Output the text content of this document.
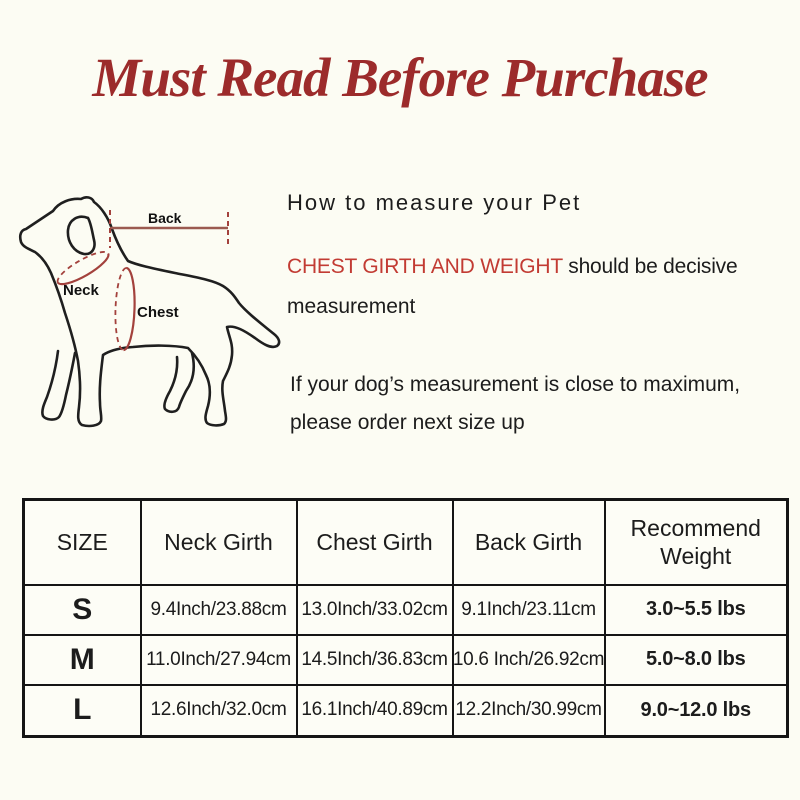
Must Read Before Purchase
Back
Neck
Chest

How to measure your Pet

CHEST GIRTH AND WEIGHT should be decisive

measurement

If your dog’s measurement is close to maximum,

please order next size up

SIZE	Neck Girth	Chest Girth	Back Girth	Recommend Weight
S	9.4Inch/23.88cm	13.0Inch/33.02cm	9.1Inch/23.11cm	3.0~5.5 lbs
M	11.0Inch/27.94cm	14.5Inch/36.83cm	10.6 Inch/26.92cm	5.0~8.0 lbs
L	12.6Inch/32.0cm	16.1Inch/40.89cm	12.2Inch/30.99cm	9.0~12.0 lbs
